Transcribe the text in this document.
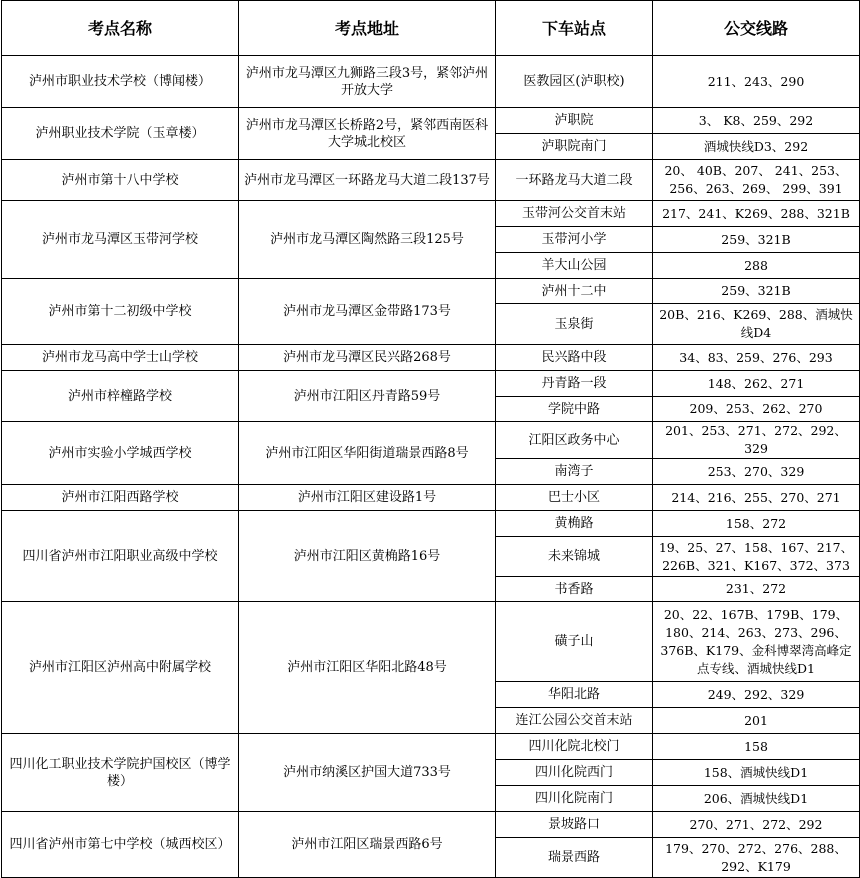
考点名称	考点地址	下车站点	公交线路
泸州市职业技术学校（博闻楼）	泸州市龙马潭区九狮路三段3号，紧邻泸州开放大学	医教园区(泸职校)	211、243、290
泸州职业技术学院（玉章楼）	泸州市龙马潭区长桥路2号，紧邻西南医科大学城北校区	泸职院	3、 K8、259、292
		泸职院南门	酒城快线D3、292
泸州市第十八中学校	泸州市龙马潭区一环路龙马大道二段137号	一环路龙马大道二段	20、 40B、207、 241、253、256、263、269、 299、391
泸州市龙马潭区玉带河学校	泸州市龙马潭区陶然路三段125号	玉带河公交首末站	217、241、K269、288、321B
		玉带河小学	259、321B
		羊大山公园	288
泸州市第十二初级中学校	泸州市龙马潭区金带路173号	泸州十二中	259、321B
		玉泉街	20B、216、K269、288、酒城快线D4
泸州市龙马高中学士山学校	泸州市龙马潭区民兴路268号	民兴路中段	34、83、259、276、293
泸州市梓橦路学校	泸州市江阳区丹青路59号	丹青路一段	148、262、271
		学院中路	209、253、262、270
泸州市实验小学城西学校	泸州市江阳区华阳街道瑞景西路8号	江阳区政务中心	201、253、271、272、292、329
		南湾子	253、270、329
泸州市江阳西路学校	泸州市江阳区建设路1号	巴士小区	214、216、255、270、271
四川省泸州市江阳职业高级中学校	泸州市江阳区黄桷路16号	黄桷路	158、272
		未来锦城	19、25、27、158、167、217、226B、321、K167、372、373
		书香路	231、272
泸州市江阳区泸州高中附属学校	泸州市江阳区华阳北路48号	磺子山	20、22、167B、179B、179、180、214、263、273、296、376B、K179、金科博翠湾高峰定点专线、酒城快线D1
		华阳北路	249、292、329
		连江公园公交首末站	201
四川化工职业技术学院护国校区（博学楼）	泸州市纳溪区护国大道733号	四川化院北校门	158
		四川化院西门	158、酒城快线D1
		四川化院南门	206、酒城快线D1
四川省泸州市第七中学校（城西校区）	泸州市江阳区瑞景西路6号	景坡路口	270、271、272、292
		瑞景西路	179、270、272、276、288、292、K179
